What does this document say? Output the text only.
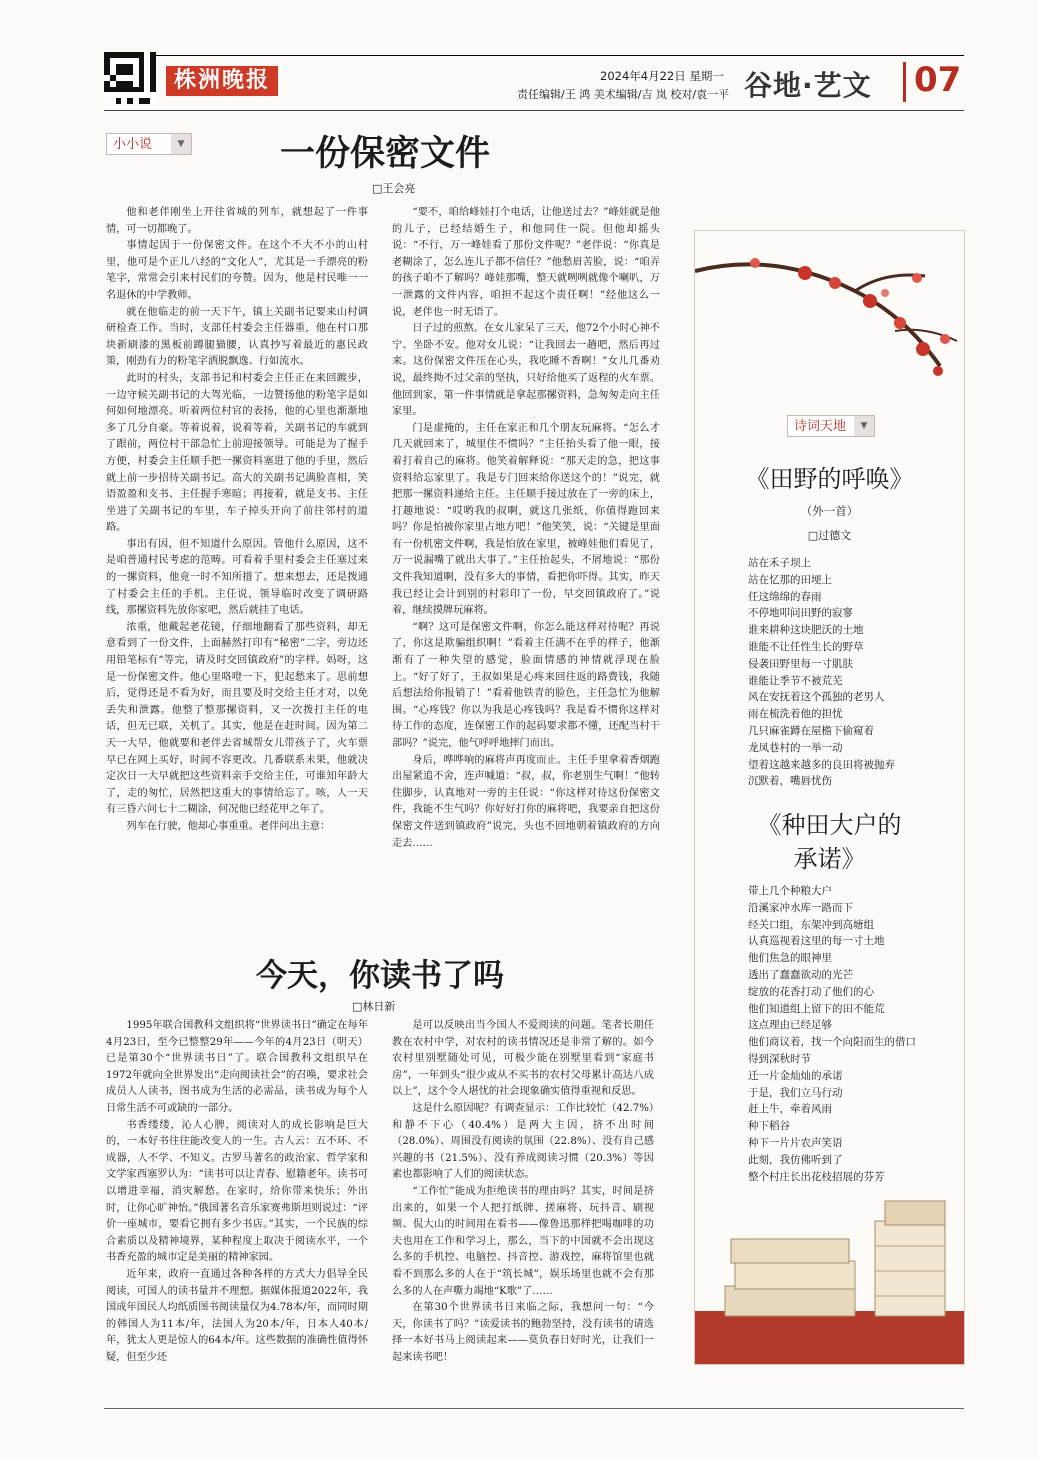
株洲晚报	2024年4月22日 星期一
责任编辑/王 鸿 美术编辑/吉 岚 校对/袁一平 谷地·艺文 07
小小说	▼	一份保密文件
□王会亮

他和老伴刚坐上开往省城的列车，就想起了一件事情，可一切都晚了。

事情起因于一份保密文件。在这个不大不小的山村里，他可是个正儿八经的“文化人”，尤其是一手漂亮的粉笔字，常常会引来村民们的夸赞。因为，他是村民唯一一名退休的中学教师。

就在他临走的前一天下午，镇上关副书记要来山村调研检查工作。当时，支部任村委会主任器重，他在村口那块新刷漆的黑板前蹲腿猫腰，认真抄写着最近的惠民政策，刚劲有力的粉笔字洒脱飘逸、行如流水。

此时的村头，支部书记和村委会主任正在来回踱步，一边守候关副书记的大驾光临，一边赞扬他的粉笔字是如何如何地漂亮。听着两位村官的表扬，他的心里也渐渐地多了几分自豪。等着说着，说着等着，关副书记的车就到了跟前，两位村干部急忙上前迎接领导。可能是为了握手方便，村委会主任顺手把一摞资料塞进了他的手里，然后就上前一步招待关副书记。高大的关副书记满脸喜相，笑语盈盈和支书、主任握手寒暄；再接着，就是支书、主任坐进了关副书记的车里，车子掉头开向了前往邻村的道路。

事出有因，但不知道什么原因。管他什么原因，这不是咱普通村民考虑的范畴。可看着手里村委会主任塞过来的一摞资料，他竟一时不知所措了。想来想去，还是拨通了村委会主任的手机。主任说，领导临时改变了调研路线，那摞资料先放你家吧，然后就挂了电话。

浓重，他戴起老花镜，仔细地翻看了那些资料，却无意看到了一份文件，上面赫然打印有“秘密”二字，旁边还用铅笔标有“等完，请及时交回镇政府”的字样。妈呀，这是一份保密文件。他心里咯噔一下，犯起愁来了。思前想后，觉得还是不看为好，而且要及时交给主任才对，以免丢失和泄露。他整了整那摞资料，又一次拨打主任的电话，但无已联，关机了。其实，他是在赶时间。因为第二天一大早，他就要和老伴去省城帮女儿带孩子了，火车票早已在网上买好，时间不容更改。几番联系未果，他就决定次日一大早就把这些资料亲手交给主任，可谁知年龄大了，走的匆忙，居然把这重大的事情给忘了。咳，人一天有三昏六问七十二糊涂，何况他已经花甲之年了。

列车在行驶，他却心事重重。老伴问出主意：

“要不，咱给峰娃打个电话，让他送过去？”峰娃就是他的儿子，已经结婚生子，和他同住一院。但他却摇头说：“不行，万一峰娃看了那份文件呢？”老伴说：“你真是老糊涂了，怎么连儿子都不信任？”他愁眉苦脸，说：“咱弄的孩子咱不了解吗？峰娃那嘴，整天就咧咧就像个喇叭，万一泄露的文件内容，咱担不起这个责任啊！”经他这么一说，老伴也一时无语了。

日子过的煎熬。在女儿家呆了三天，他72个小时心神不宁、坐卧不安。他对女儿说：“让我回去一趟吧，然后再过来。这份保密文件压在心头，我吃睡不香啊！”女儿几番劝说，最终拗不过父亲的坚执，只好给他买了返程的火车票。他回到家，第一件事情就是拿起那摞资料，急匆匆走向主任家里。

门是虚掩的，主任在家正和几个朋友玩麻将。“怎么才几天就回来了，城里住不惯吗？”主任抬头看了他一眼，接着打着自己的麻将。他笑着解释说：“那天走的急，把这事资料给忘家里了。我是专门回来给你送这个的！”说完，就把那一摞资料递给主任。主任顺手接过放在了一旁的床上，打趣地说：“哎哟我的叔啊，就这几张纸，你值得跑回来吗？你是怕被你家里占地方吧！”他笑笑，说：“关键是里面有一份机密文件啊，我是怕放在家里，被峰娃他们看见了，万一说漏嘴了就出大事了。”主任抬起头，不屑地说：“那份文件我知道啊，没有多大的事情，看把你吓得。其实，昨天我已经让会计到别的村彩印了一份，早交回镇政府了。”说着，继续摸牌玩麻将。

“啊？这可是保密文件啊，你怎么能这样对待呢？再说了，你这是欺骗组织啊！”看着主任满不在乎的样子，他渐渐有了一种失望的感觉，脸面情感的神情就浮现在脸上。“好了好了，王叔如果是心疼来回往返的路费钱，我随后想法给你报销了！”看着他铁青的脸色，主任急忙为他解围。“心疼钱？你以为我是心疼钱吗？我是看不惯你这样对待工作的态度，连保密工作的起码要求都不懂，还配当村干部吗？”说完，他气呼呼地摔门而出。

身后，哗哗响的麻将声再度而止。主任手里拿着香烟跑出屋紧追不舍，连声喊道：“叔，叔，你老别生气啊！”他转住脚步，认真地对一旁的主任说：“你这样对待这份保密文件，我能不生气吗？你好好打你的麻将吧，我要亲自把这份保密文件送到镇政府”说完，头也不回地朝着镇政府的方向走去……

今天，你读书了吗
□林日新

1995年联合国教科文组织将“世界读书日”确定在每年4月23日，至今已整整29年——今年的4月23日（明天）已是第30个“世界读书日”了。联合国教科文组织早在1972年就向全世界发出“走向阅读社会”的召唤，要求社会成员人人读书，图书成为生活的必需品，读书成为每个人日常生活不可或缺的一部分。

书香缕缕，沁人心脾，阅读对人的成长影响是巨大的，一本好书往往能改变人的一生。古人云：五不环、不成器，人不学、不知义。古罗马著名的政治家、哲学家和文学家西塞罗认为：“读书可以让青春、慰籍老年。读书可以增进幸福，消灾解愁。在家时，给你带来快乐；外出时，让你心旷神怡。”俄国著名音乐家赛弗斯坦则说过：“评价一座城市，要看它拥有多少书店。”其实，一个民族的综合素质以及精神境界，某种程度上取决于阅读水平，一个书香充盈的城市定是美丽的精神家园。

近年来，政府一直通过各种各样的方式大力倡导全民阅读，可国人的读书量并不理想。据媒体报道2022年，我国成年国民人均纸质图书阅读量仅为4.78本/年，而同时期的韩国人为11本/年，法国人为20本/年，日本人40本/年，犹太人更是惊人的64本/年。这些数据的准确性值得怀疑，但至少还

是可以反映出当今国人不爱阅读的问题。笔者长期任教在农村中学，对农村的读书情况还是非常了解的。如今农村里别墅随处可见，可极少能在别墅里看到“家庭书房”，一年到头“很少或从不买书的农村父母累计高达八成以上”，这个令人堪忧的社会现象确实值得重视和反思。

这是什么原因呢？有调查显示：工作比较忙（42.7%）和静不下心（40.4%）是两大主因，挤不出时间（28.0%）、周围没有阅读的氛围（22.8%）、没有自己感兴趣的书（21.5%）、没有养成阅读习惯（20.3%）等因素也都影响了人们的阅读状态。

“工作忙”能成为拒绝读书的理由吗？其实，时间是挤出来的，如果一个人把打纸牌、搓麻将、玩抖音、刷视频、侃大山的时间用在看书——像鲁迅那样把喝咖啡的功夫也用在工作和学习上，那么，当下的中国就不会出现这么多的手机控、电脑控、抖音控、游戏控，麻将馆里也就看不到那么多的人在于“筑长城”，娱乐场里也就不会有那么多的人在声嘶力竭地“K歌”了……

在第30个世界读书日来临之际，我想问一句：“今天，你读书了吗？”读爱读书的鲍勃坚持，没有读书的请选择一本好书马上阅读起来——莫负春日好时光，让我们一起来读书吧！

诗词天地	▼
《田野的呼唤》
（外一首）
□过德文
站在禾子坝上
站在忆那的田埂上
任这绵绵的春雨
不停地叩问田野的寂寥
谁来耕种这块肥沃的土地
谁能不让任性生长的野草
侵袭田野里每一寸肌肤
谁能让季节不被荒芜
风在安抚着这个孤独的老男人
雨在梳洗着他的担忧
几只麻雀蹲在屋檐下偷窥着
龙凤巷村的一举一动
望着这越来越多的良田将被抛弃
沉默着，嘴唇忧伤
《种田大户的
承诺》
带上几个种粮大户
沿溪家冲水库一路而下
经关口组，东架冲到高塘组
认真巡视着这里的每一寸土地
他们焦急的眼神里
透出了蠢蠢欲动的光芒
绽放的花香打动了他们的心
他们知道组上留下的田不能荒
这点理由已经足够
他们商议着，找一个向阳而生的借口
得到深秋时节
迁一片金灿灿的承诺
于是，我们立马行动
赶上牛，牵着风雨
种下稻谷
种下一片片农声笑语
此刻，我仿佛听到了
整个村庄长出花枝招展的芬芳
